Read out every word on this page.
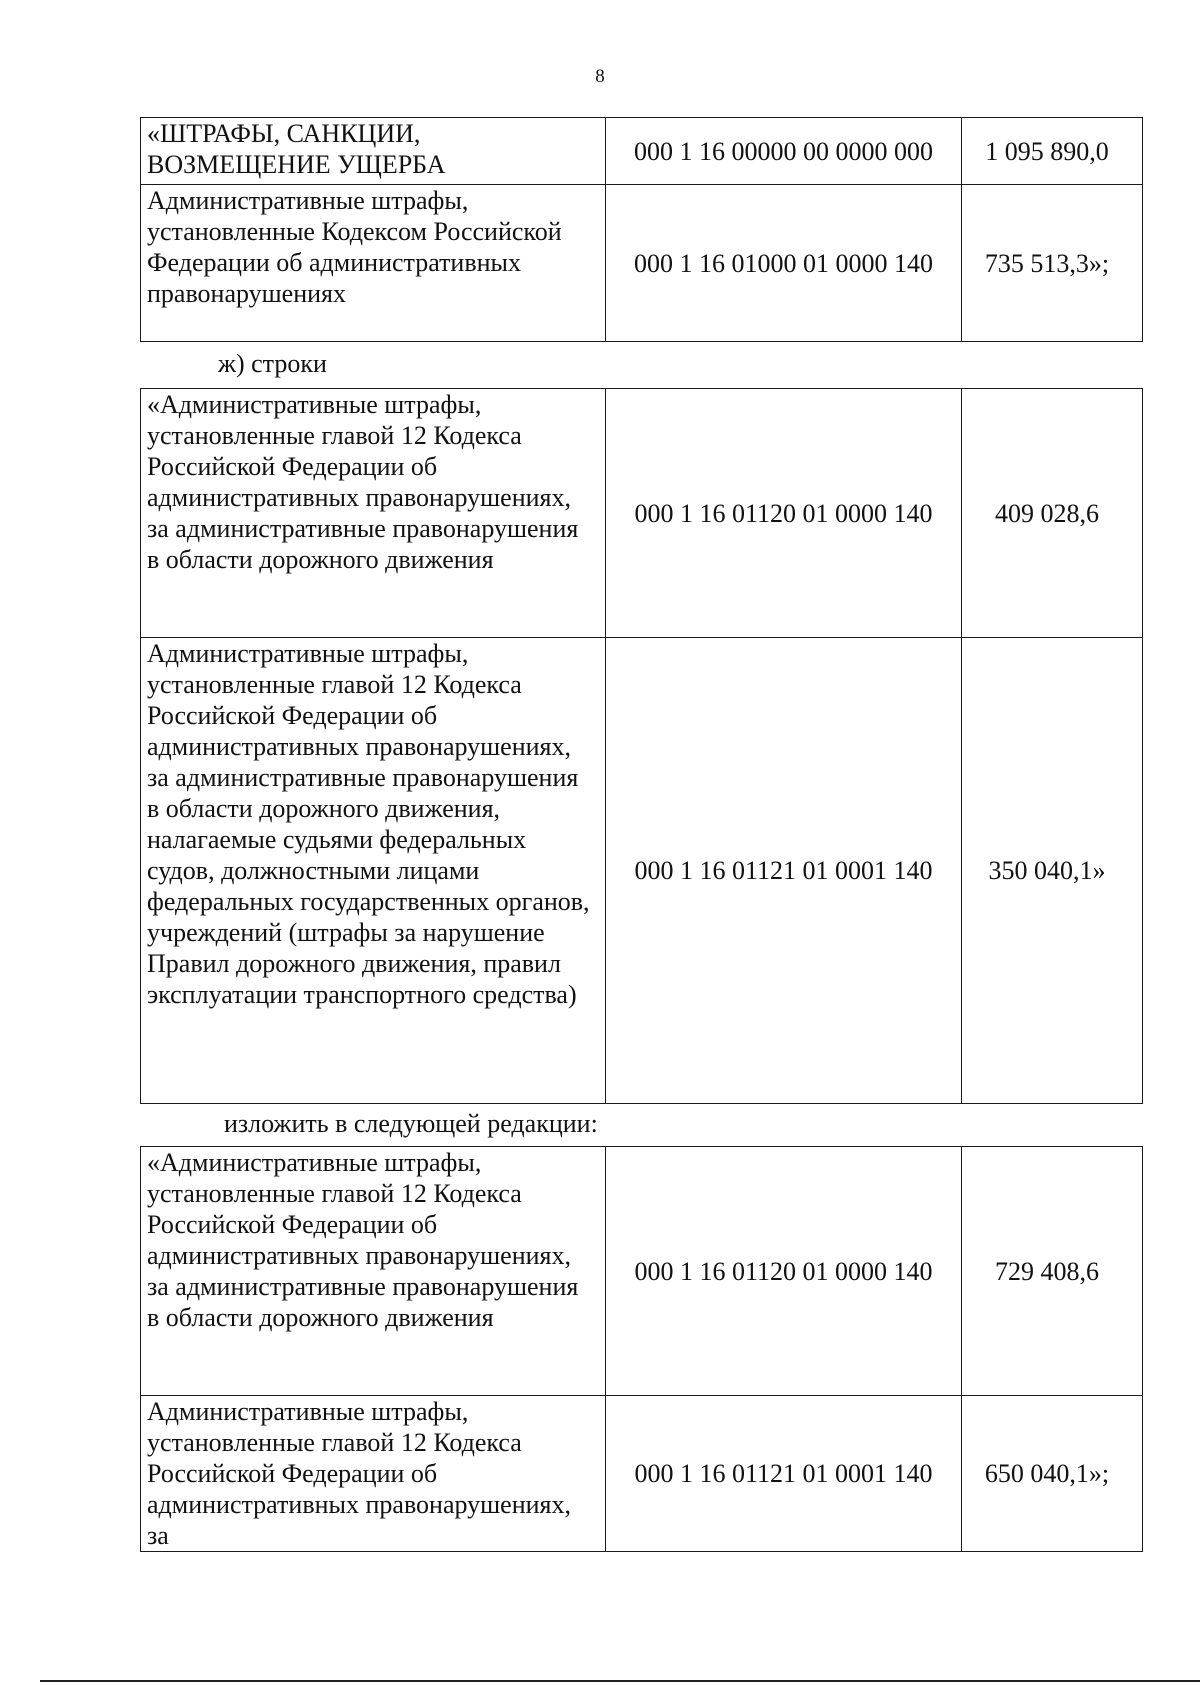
8
«ШТРАФЫ, САНКЦИИ, ВОЗМЕЩЕНИЕ УЩЕРБА	000 1 16 00000 00 0000 000	1 095 890,0
Административные штрафы, установленные Кодексом Российской Федерации об административных правонарушениях	000 1 16 01000 01 0000 140	735 513,3»;
ж) строки
«Административные штрафы, установленные главой 12 Кодекса Российской Федерации об административных правонарушениях, за административные правонарушения в области дорожного движения	000 1 16 01120 01 0000 140	409 028,6
Административные штрафы, установленные главой 12 Кодекса Российской Федерации об административных правонарушениях, за административные правонарушения в области дорожного движения, налагаемые судьями федеральных судов, должностными лицами федеральных государственных органов, учреждений (штрафы за нарушение Правил дорожного движения, правил эксплуатации транспортного средства)	000 1 16 01121 01 0001 140	350 040,1»
изложить в следующей редакции:
«Административные штрафы, установленные главой 12 Кодекса Российской Федерации об административных правонарушениях, за административные правонарушения в области дорожного движения	000 1 16 01120 01 0000 140	729 408,6
Административные штрафы, установленные главой 12 Кодекса Российской Федерации об административных правонарушениях, за	000 1 16 01121 01 0001 140	650 040,1»;
